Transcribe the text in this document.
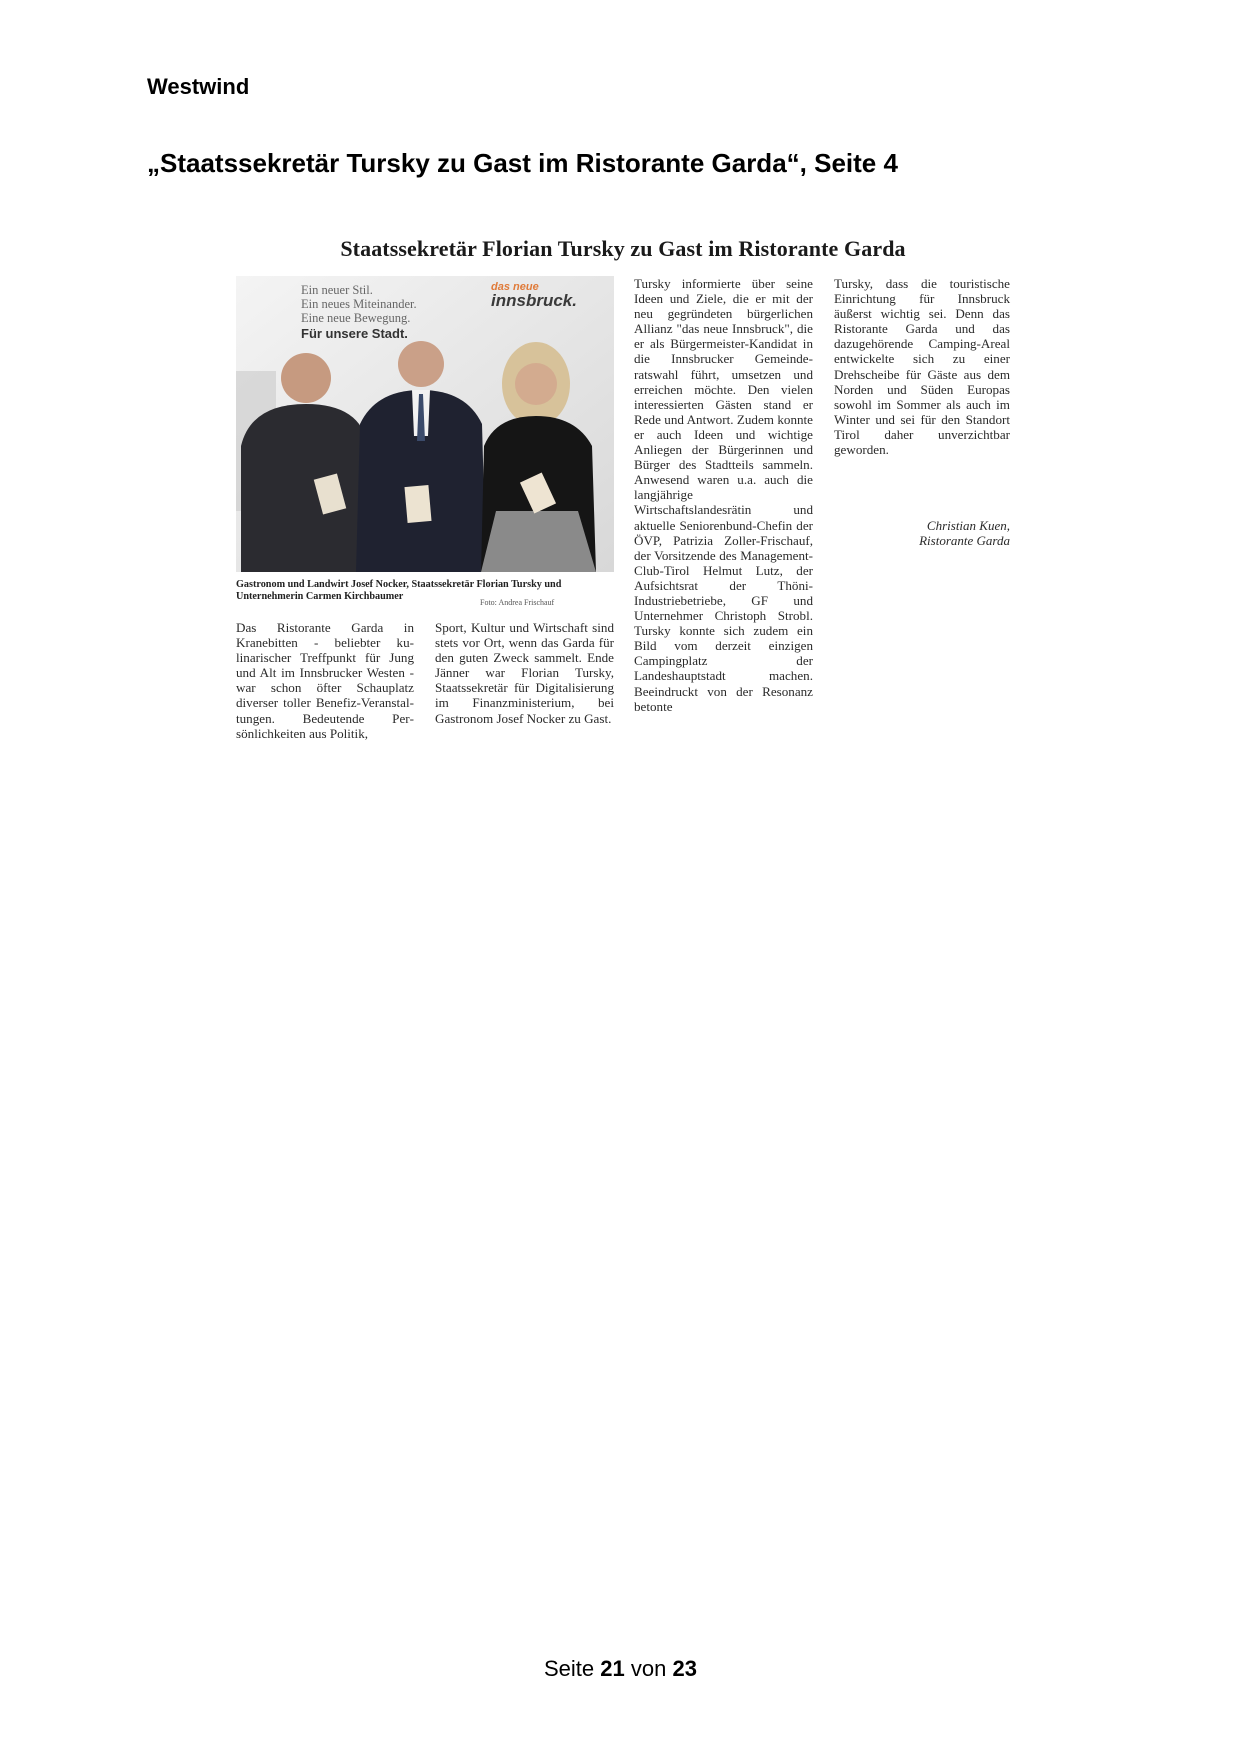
Westwind
„Staatssekretär Tursky zu Gast im Ristorante Garda“, Seite 4
Staatssekretär Florian Tursky zu Gast im Ristorante Garda
Ein neuer Stil.
Ein neues Miteinander.
Eine neue Bewegung.
Für unsere Stadt.
das neue
innsbruck.
Gastronom und Landwirt Josef Nocker, Staatssekretär Florian Tursky und Unternehmerin Carmen Kirchbaumer
Foto: Andrea Frischauf

Das Ristorante Garda in Kranebitten - beliebter kulinarischer Treffpunkt für Jung und Alt im Innsbrucker Westen - war schon öfter Schauplatz diverser toller Benefiz-Veranstaltungen. Bedeutende Persönlichkeiten aus Politik,

Sport, Kultur und Wirtschaft sind stets vor Ort, wenn das Garda für den guten Zweck sammelt. Ende Jänner war Florian Tursky, Staatssekretär für Digitalisierung im Finanzministerium, bei Gastronom Josef Nocker zu Gast.

Tursky informierte über seine Ideen und Ziele, die er mit der neu gegründeten bürgerlichen Allianz "das neue Innsbruck", die er als Bürgermeister-Kandidat in die Innsbrucker Gemeinderatswahl führt, umsetzen und erreichen möchte. Den vielen interessierten Gästen stand er Rede und Antwort. Zudem konnte er auch Ideen und wichtige Anliegen der Bürgerinnen und Bürger des Stadtteils sammeln. Anwesend waren u.a. auch die langjährige Wirtschaftslandesrätin und aktuelle Seniorenbund-Chefin der ÖVP, Patrizia Zoller-Frischauf, der Vorsitzende des Management-Club-Tirol Helmut Lutz, der Aufsichtsrat der Thöni-Industriebetriebe, GF und Unternehmer Christoph Strobl. Tursky konnte sich zudem ein Bild vom derzeit einzigen Campingplatz der Landeshauptstadt machen. Beeindruckt von der Resonanz betonte

Tursky, dass die touristische Einrichtung für Innsbruck äußerst wichtig sei. Denn das Ristorante Garda und das dazugehörende Camping-Areal entwickelte sich zu einer Drehscheibe für Gäste aus dem Norden und Süden Europas sowohl im Sommer als auch im Winter und sei für den Standort Tirol daher unverzichtbar geworden.

Christian Kuen,
Ristorante Garda
Seite 21 von 23
